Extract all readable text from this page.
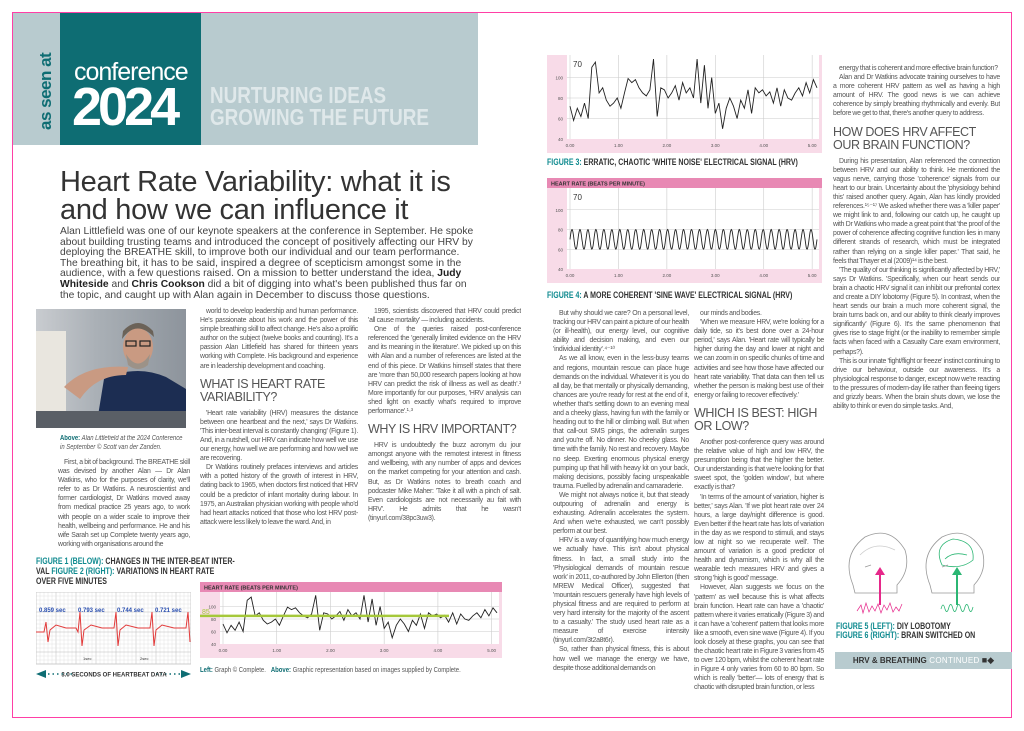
as seen at conference
2024 NURTURING IDEAS
GROWING THE FUTURE
Heart Rate Variability: what it is and how we can influence it

Alan Littlefield was one of our keynote speakers at the conference in September. He spoke about building trusting teams and introduced the concept of positively affecting our HRV by deploying the BREATHE skill, to improve both our individual and our team performance. The breathing bit, it has to be said, inspired a degree of scepticism amongst some in the audience, with a few questions raised. On a mission to better understand the idea, Judy Whiteside and Chris Cookson did a bit of digging into what's been published thus far on the topic, and caught up with Alan again in December to discuss those questions.

Above: Alan Littlefield at the 2024 Conference in September © Scott van der Zanden.

First, a bit of background. The BREATHE skill was devised by another Alan — Dr Alan Watkins, who for the purposes of clarity, we'll refer to as Dr Watkins. A neuroscientist and former cardiologist, Dr Watkins moved away from medical practice 25 years ago, to work with people on a wider scale to improve their health, wellbeing and performance. He and his wife Sarah set up Complete twenty years ago, working with organisations around the

FIGURE 1 (BELOW): CHANGES IN THE INTER-BEAT INTER-
VAL FIGURE 2 (RIGHT): VARIATIONS IN HEART RATE
OVER FIVE MINUTES
0.859 sec 0.793 sec 0.744 sec 0.721 sec
1sec	2sec
3.0 SECONDS OF HEARTBEAT DATA

world to develop leadership and human performance. He's passionate about his work and the power of this simple breathing skill to affect change. He's also a prolific author on the subject (twelve books and counting). It's a passion Alan Littlefield has shared for thirteen years working with Complete. His background and experience are in leadership development and coaching.

WHAT IS HEART RATE VARIABILITY?

'Heart rate variability (HRV) measures the distance between one heartbeat and the next,' says Dr Watkins. 'This inter-beat interval is constantly changing' (Figure 1). And, in a nutshell, our HRV can indicate how well we use our energy, how well we are performing and how well we are recovering.

Dr Watkins routinely prefaces interviews and articles with a potted history of the growth of interest in HRV, dating back to 1965, when doctors first noticed that HRV could be a predictor of infant mortality during labour. In 1975, an Australian physician working with people who'd had heart attacks noticed that those who lost HRV post-attack were less likely to leave the ward. And, in

1995, scientists discovered that HRV could predict 'all cause mortality' — including accidents.

One of the queries raised post-conference referenced the 'generally limited evidence on the HRV and its meaning in the literature'. We picked up on this with Alan and a number of references are listed at the end of this piece. Dr Watkins himself states that there are 'more than 50,000 research papers looking at how HRV can predict the risk of illness as well as death'.³ More importantly for our purposes, 'HRV analysis can shed light on exactly what's required to improve performance'.¹·³

WHY IS HRV IMPORTANT?

HRV is undoubtedly the buzz acronym du jour amongst anyone with the remotest interest in fitness and wellbeing, with any number of apps and devices on the market competing for your attention and cash. But, as Dr Watkins notes to breath coach and podcaster Mike Maher: 'Take it all with a pinch of salt. Even cardiologists are not necessarily au fait with HRV'. He admits that he wasn't (tinyurl.com/38pc3uw3).

HEART RATE (BEATS PER MINUTE)
0.00	1.00	2.00	3.00	4.00	5.00
100
80
60
40
85

Left: Graph © Complete. Above: Graphic representation based on images supplied by Complete.

0.00	1.00	2.00	3.00	4.00	5.00
100
80
60
40
70
FIGURE 3: ERRATIC, CHAOTIC 'WHITE NOISE' ELECTRICAL SIGNAL (HRV)
HEART RATE (BEATS PER MINUTE)
0.00	1.00	2.00	3.00	4.00	5.00
100
80
60
40
70
FIGURE 4: A MORE COHERENT 'SINE WAVE' ELECTRICAL SIGNAL (HRV)

But why should we care? On a personal level, tracking our HRV can paint a picture of our health (or ill-health), our energy level, our cognitive ability and decision making, and even our 'individual identity'.⁴⁻¹⁰

As we all know, even in the less-busy teams and regions, mountain rescue can place huge demands on the individual. Whatever it is you do all day, be that mentally or physically demanding, chances are you're ready for rest at the end of it, whether that's settling down to an evening meal and a cheeky glass, having fun with the family or heading out to the hill or climbing wall. But when that call-out SMS pings, the adrenalin surges and you're off. No dinner. No cheeky glass. No time with the family. No rest and recovery. Maybe no sleep. Exerting enormous physical energy pumping up that hill with heavy kit on your back, making decisions, possibly facing unspeakable trauma. Fuelled by adrenalin and camaraderie.

We might not always notice it, but that steady outpouring of adrenalin and energy is exhausting. Adrenalin accelerates the system. And when we're exhausted, we can't possibly perform at our best.

HRV is a way of quantifying how much energy we actually have. This isn't about physical fitness. In fact, a small study into the 'Physiological demands of mountain rescue work' in 2011, co-authored by John Ellerton (then MREW Medical Officer), suggested that 'mountain rescuers generally have high levels of physical fitness and are required to perform at very hard intensity for the majority of the ascent to a casualty.' The study used heart rate as a measure of exercise intensity (tinyurl.com/3t2a8t6r).

So, rather than physical fitness, this is about how well we manage the energy we have, despite those additional demands on

our minds and bodies.

'When we measure HRV, we're looking for a daily tide, so it's best done over a 24-hour period,' says Alan. 'Heart rate will typically be higher during the day and lower at night and we can zoom in on specific chunks of time and activities and see how those have affected our heart rate variability. That data can then tell us whether the person is making best use of their energy or failing to recover effectively.'

WHICH IS BEST: HIGH OR LOW?

Another post-conference query was around the relative value of high and low HRV, the presumption being that the higher the better. Our understanding is that we're looking for that sweet spot, the 'golden window', but where exactly is that?

'In terms of the amount of variation, higher is better,' says Alan. 'If we plot heart rate over 24 hours, a large day/night difference is good. Even better if the heart rate has lots of variation in the day as we respond to stimuli, and stays low at night so we recuperate well'. The amount of variation is a good predictor of health and dynamism, which is why all the wearable tech measures HRV and gives a strong 'high is good' message.

However, Alan suggests we focus on the 'pattern' as well because this is what affects brain function. Heart rate can have a 'chaotic' pattern where it varies erratically (Figure 3) and it can have a 'coherent' pattern that looks more like a smooth, even sine wave (Figure 4). If you look closely at these graphs, you can see that the chaotic heart rate in Figure 3 varies from 45 to over 120 bpm, whilst the coherent heart rate in Figure 4 only varies from 60 to 80 bpm. So which is really 'better'— lots of energy that is chaotic with disrupted brain function, or less

energy that is coherent and more effective brain function?

Alan and Dr Watkins advocate training ourselves to have a more coherent HRV pattern as well as having a high amount of HRV. The good news is we can achieve coherence by simply breathing rhythmically and evenly. But before we get to that, there's another query to address.

HOW DOES HRV AFFECT OUR BRAIN FUNCTION?

During his presentation, Alan referenced the connection between HRV and our ability to think. He mentioned the vagus nerve, carrying those 'coherence' signals from our heart to our brain. Uncertainty about the 'physiology behind this' raised another query. Again, Alan has kindly provided references.¹⁵⁻¹⁷ We asked whether there was a 'killer paper' we might link to and, following our catch up, he caught up with Dr Watkins who made a great point that 'the proof of the power of coherence affecting cognitive function lies in many different strands of research, which must be integrated rather than relying on a single killer paper.' That said, he feels that Thayer et al (2009)¹⁴ is the best.

'The quality of our thinking is significantly affected by HRV,' says Dr Watkins. 'Specifically, when our heart sends our brain a chaotic HRV signal it can inhibit our prefrontal cortex and create a DIY lobotomy (Figure 5). In contrast, when the heart sends our brain a much more coherent signal, the brain turns back on, and our ability to think clearly improves significantly' (Figure 6). It's the same phenomenon that gives rise to stage fright (or the inability to remember simple facts when faced with a Casualty Care exam environment, perhaps?).

This is our innate 'fight/flight or freeze' instinct continuing to drive our behaviour, outside our awareness. It's a physiological response to danger, except now we're reacting to the pressures of modern-day life rather than fleeing tigers and grizzly bears. When the brain shuts down, we lose the ability to think or even do simple tasks. And,

FIGURE 5 (LEFT): DIY LOBOTOMY
FIGURE 6 (RIGHT): BRAIN SWITCHED ON
HRV & BREATHING CONTINUED ■◆
